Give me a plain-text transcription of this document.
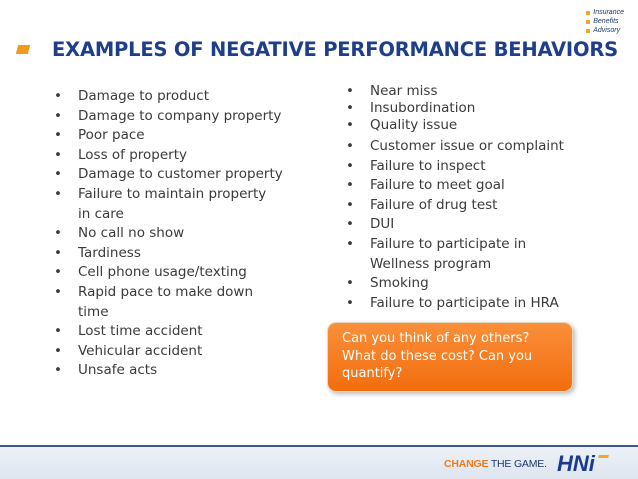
Insurance
Benefits
Advisory
EXAMPLES OF NEGATIVE PERFORMANCE BEHAVIORS
• Damage to product
• Damage to company property
• Poor pace
• Loss of property
• Damage to customer property
• Failure to maintain property
in care
• No call no show
• Tardiness
• Cell phone usage/texting
• Rapid pace to make down
time
• Lost time accident
• Vehicular accident
• Unsafe acts
• Near miss
• Insubordination
• Quality issue
• Customer issue or complaint
• Failure to inspect
• Failure to meet goal
• Failure of drug test
• DUI
• Failure to participate in
Wellness program
• Smoking
• Failure to participate in HRA
Can you think of any others?
What do these cost? Can you
quantify?
CHANGE THE GAME. HNi
